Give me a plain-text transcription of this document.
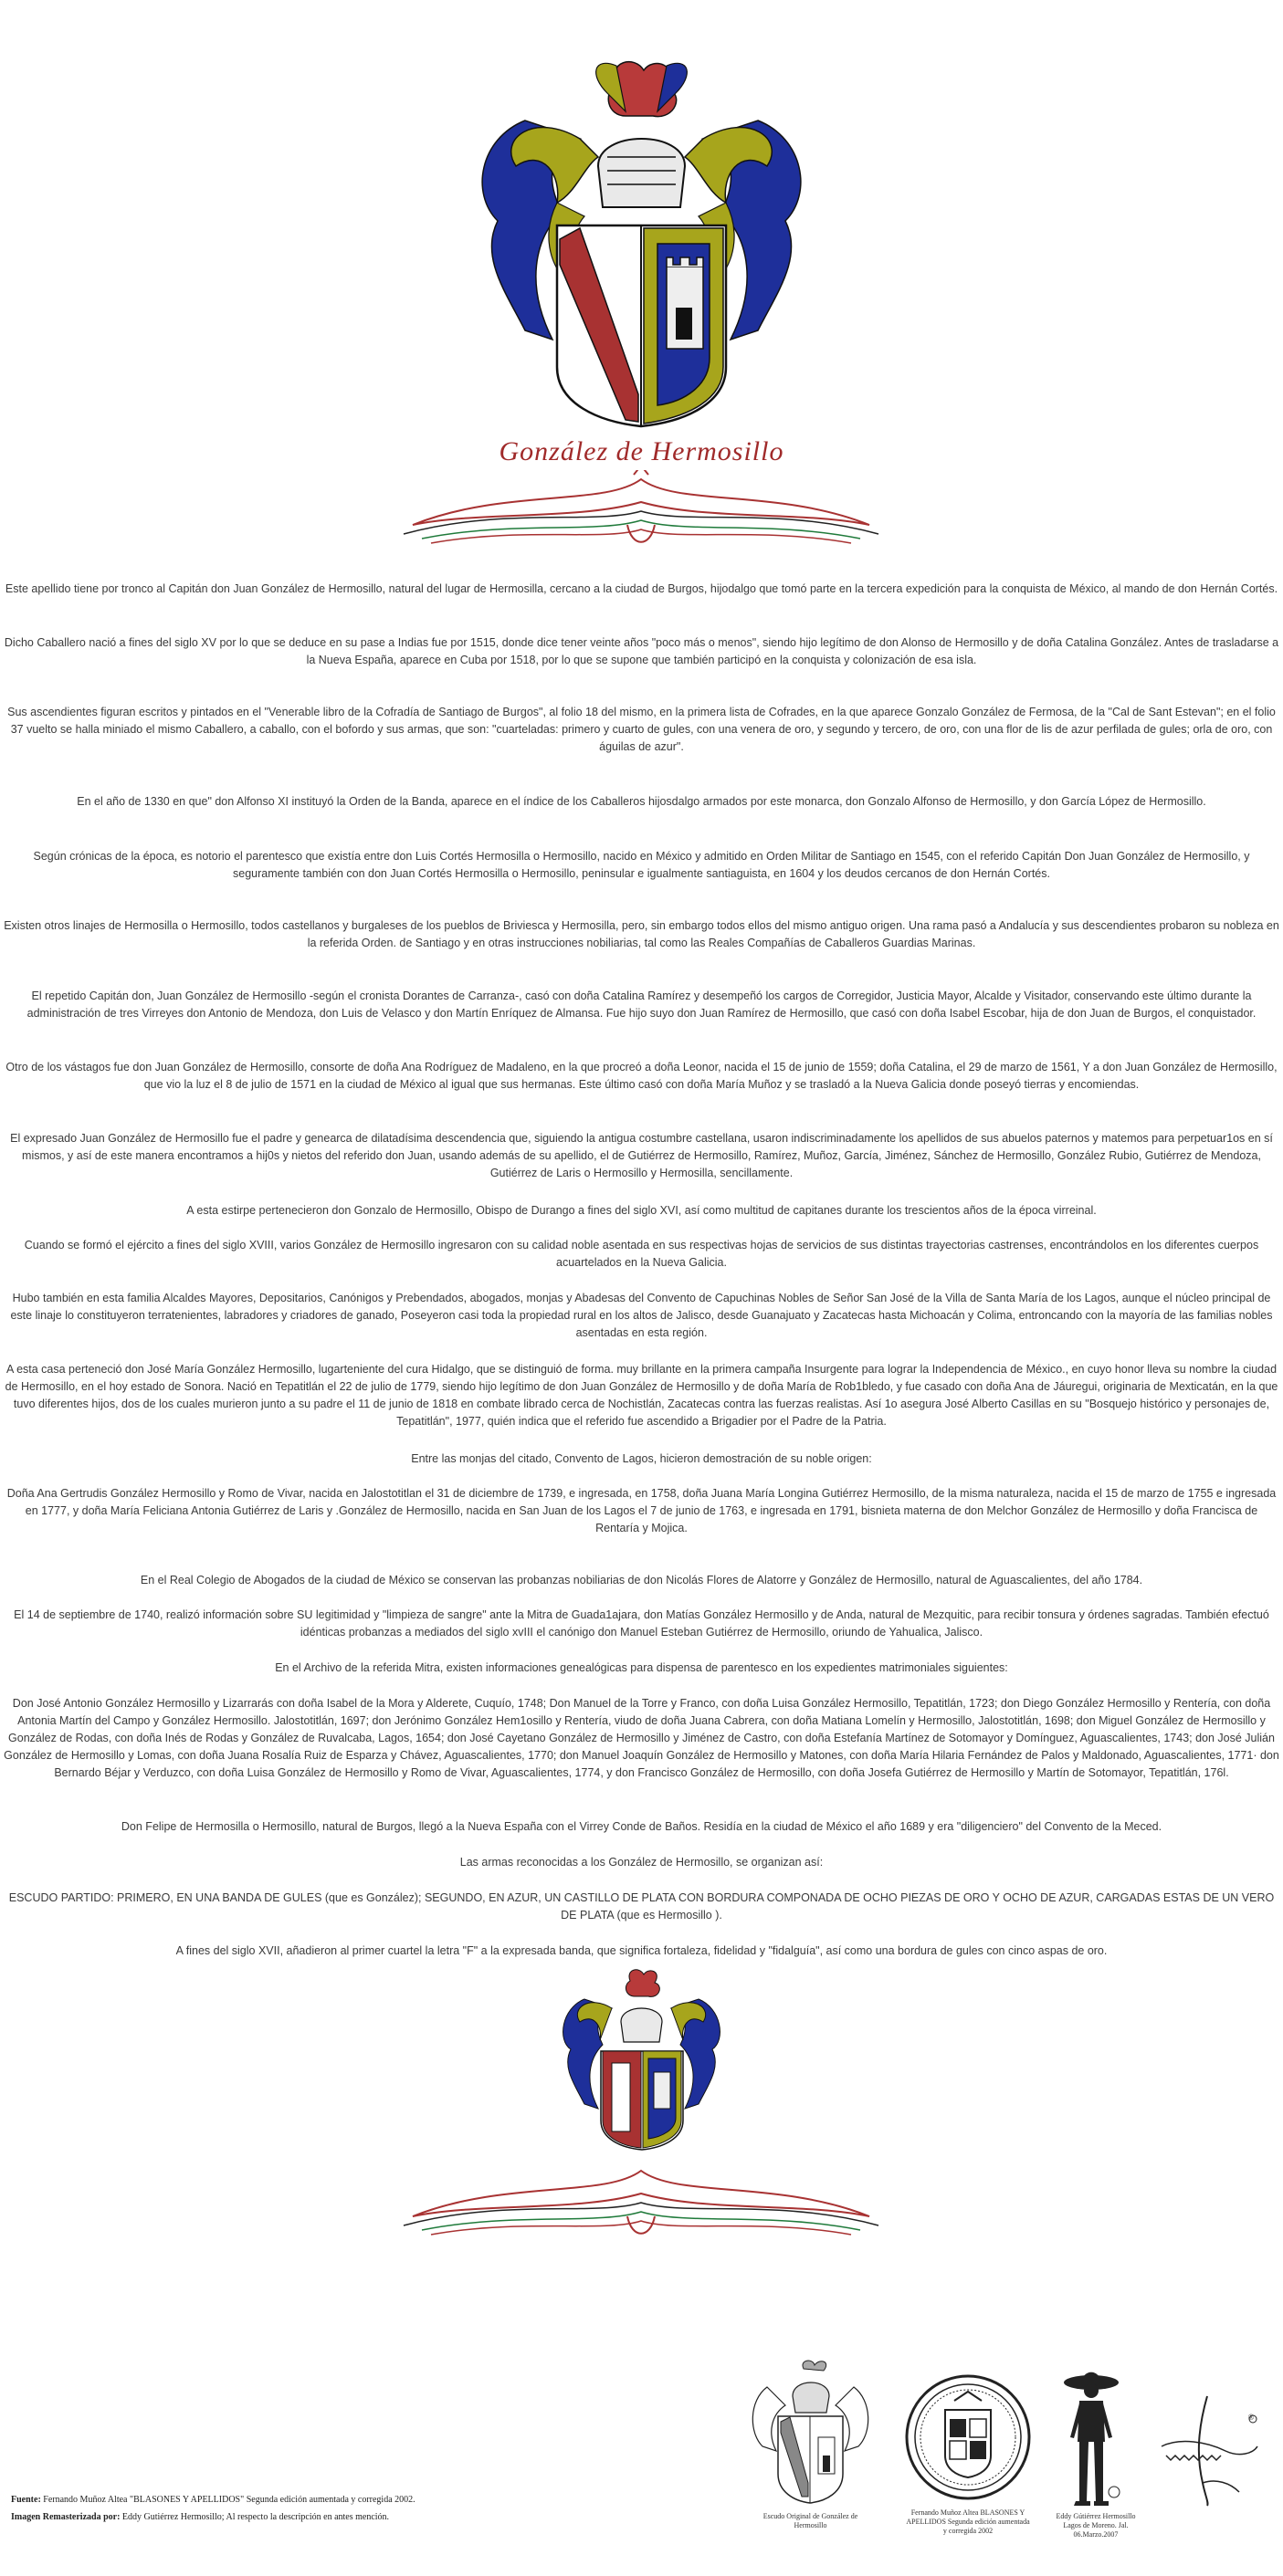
González de Hermosillo

Este apellido tiene por tronco al Capitán don Juan González de Hermosillo, natural del lugar de Hermosilla, cercano a la ciudad de Burgos, hijodalgo que tomó parte en la tercera expedición para la conquista de México, al mando de don Hernán Cortés.

Dicho Caballero nació a fines del siglo XV por lo que se deduce en su pase a Indias fue por 1515, donde dice tener veinte años "poco más o menos", siendo hijo legítimo de don Alonso de Hermosillo y de doña Catalina González. Antes de trasladarse a la Nueva España, aparece en Cuba por 1518, por lo que se supone que también participó en la conquista y colonización de esa isla.

Sus ascendientes figuran escritos y pintados en el "Venerable libro de la Cofradía de Santiago de Burgos", al folio 18 del mismo, en la primera lista de Cofrades, en la que aparece Gonzalo González de Fermosa, de la "Cal de Sant Estevan"; en el folio 37 vuelto se halla miniado el mismo Caballero, a caballo, con el bofordo y sus armas, que son: "cuarteladas: primero y cuarto de gules, con una venera de oro, y segundo y tercero, de oro, con una flor de lis de azur perfilada de gules; orla de oro, con águilas de azur".

En el año de 1330 en que" don Alfonso XI instituyó la Orden de la Banda, aparece en el índice de los Caballeros hijosdalgo armados por este monarca, don Gonzalo Alfonso de Hermosillo, y don García López de Hermosillo.

Según crónicas de la época, es notorio el parentesco que existía entre don Luis Cortés Hermosilla o Hermosillo, nacido en México y admitido en Orden Militar de Santiago en 1545, con el referido Capitán Don Juan González de Hermosillo, y seguramente también con don Juan Cortés Hermosilla o Hermosillo, peninsular e igualmente santiaguista, en 1604 y los deudos cercanos de don Hernán Cortés.

Existen otros linajes de Hermosilla o Hermosillo, todos castellanos y burgaleses de los pueblos de Briviesca y Hermosilla, pero, sin embargo todos ellos del mismo antiguo origen. Una rama pasó a Andalucía y sus descendientes probaron su nobleza en la referida Orden. de Santiago y en otras instrucciones nobiliarias, tal como las Reales Compañías de Caballeros Guardias Marinas.

El repetido Capitán don, Juan González de Hermosillo -según el cronista Dorantes de Carranza-, casó con doña Catalina Ramírez y desempeñó los cargos de Corregidor, Justicia Mayor, Alcalde y Visitador, conservando este último durante la administración de tres Virreyes don Antonio de Mendoza, don Luis de Velasco y don Martín Enríquez de Almansa. Fue hijo suyo don Juan Ramírez de Hermosillo, que casó con doña Isabel Escobar, hija de don Juan de Burgos, el conquistador.

Otro de los vástagos fue don Juan González de Hermosillo, consorte de doña Ana Rodríguez de Madaleno, en la que procreó a doña Leonor, nacida el 15 de junio de 1559; doña Catalina, el 29 de marzo de 1561, Y a don Juan González de Hermosillo, que vio la luz el 8 de julio de 1571 en la ciudad de México al igual que sus hermanas. Este último casó con doña María Muñoz y se trasladó a la Nueva Galicia donde poseyó tierras y encomiendas.

El expresado Juan González de Hermosillo fue el padre y genearca de dilatadísima descendencia que, siguiendo la antigua costumbre castellana, usaron indiscriminadamente los apellidos de sus abuelos paternos y matemos para perpetuar1os en sí mismos, y así de este manera encontramos a hij0s y nietos del referido don Juan, usando además de su apellido, el de Gutiérrez de Hermosillo, Ramírez, Muñoz, García, Jiménez, Sánchez de Hermosillo, González Rubio, Gutiérrez de Mendoza, Gutiérrez de Laris o Hermosillo y Hermosilla, sencillamente.

A esta estirpe pertenecieron don Gonzalo de Hermosillo, Obispo de Durango a fines del siglo XVI, así como multitud de capitanes durante los trescientos años de la época virreinal.

Cuando se formó el ejército a fines del siglo XVIII, varios González de Hermosillo ingresaron con su calidad noble asentada en sus respectivas hojas de servicios de sus distintas trayectorias castrenses, encontrándolos en los diferentes cuerpos acuartelados en la Nueva Galicia.

Hubo también en esta familia Alcaldes Mayores, Depositarios, Canónigos y Prebendados, abogados, monjas y Abadesas del Convento de Capuchinas Nobles de Señor San José de la Villa de Santa María de los Lagos, aunque el núcleo principal de este linaje lo constituyeron terratenientes, labradores y criadores de ganado, Poseyeron casi toda la propiedad rural en los altos de Jalisco, desde Guanajuato y Zacatecas hasta Michoacán y Colima, entroncando con la mayoría de las familias nobles asentadas en esta región.

A esta casa perteneció don José María González Hermosillo, lugarteniente del cura Hidalgo, que se distinguió de forma. muy brillante en la primera campaña Insurgente para lograr la Independencia de México., en cuyo honor lleva su nombre la ciudad de Hermosillo, en el hoy estado de Sonora. Nació en Tepatitlán el 22 de julio de 1779, siendo hijo legítimo de don Juan González de Hermosillo y de doña María de Rob1bledo, y fue casado con doña Ana de Jáuregui, originaria de Mexticatán, en la que tuvo diferentes hijos, dos de los cuales murieron junto a su padre el 11 de junio de 1818 en combate librado cerca de Nochistlán, Zacatecas contra las fuerzas realistas. Así 1o asegura José Alberto Casillas en su "Bosquejo histórico y personajes de, Tepatitlán", 1977, quién indica que el referido fue ascendido a Brigadier por el Padre de la Patria.

Entre las monjas del citado, Convento de Lagos, hicieron demostración de su noble origen:

Doña Ana Gertrudis González Hermosillo y Romo de Vivar, nacida en Jalostotitlan el 31 de diciembre de 1739, e ingresada, en 1758, doña Juana María Longina Gutiérrez Hermosillo, de la misma naturaleza, nacida el 15 de marzo de 1755 e ingresada en 1777, y doña María Feliciana Antonia Gutiérrez de Laris y .González de Hermosillo, nacida en San Juan de los Lagos el 7 de junio de 1763, e ingresada en 1791, bisnieta materna de don Melchor González de Hermosillo y doña Francisca de Rentaría y Mojica.

En el Real Colegio de Abogados de la ciudad de México se conservan las probanzas nobiliarias de don Nicolás Flores de Alatorre y González de Hermosillo, natural de Aguascalientes, del año 1784.

El 14 de septiembre de 1740, realizó información sobre SU legitimidad y "limpieza de sangre" ante la Mitra de Guada1ajara, don Matías González Hermosillo y de Anda, natural de Mezquitic, para recibir tonsura y órdenes sagradas. También efectuó idénticas probanzas a mediados del siglo xvIII el canónigo don Manuel Esteban Gutiérrez de Hermosillo, oriundo de Yahualica, Jalisco.

En el Archivo de la referida Mitra, existen informaciones genealógicas para dispensa de parentesco en los expedientes matrimoniales siguientes:

Don José Antonio González Hermosillo y Lizarrarás con doña Isabel de la Mora y Alderete, Cuquío, 1748; Don Manuel de la Torre y Franco, con doña Luisa González Hermosillo, Tepatitlán, 1723; don Diego González Hermosillo y Rentería, con doña Antonia Martín del Campo y González Hermosillo. Jalostotitlán, 1697; don Jerónimo González Hem1osillo y Rentería, viudo de doña Juana Cabrera, con doña Matiana Lomelín y Hermosillo, Jalostotitlán, 1698; don Miguel González de Hermosillo y González de Rodas, con doña Inés de Rodas y González de Ruvalcaba, Lagos, 1654; don José Cayetano González de Hermosillo y Jiménez de Castro, con doña Estefanía Martínez de Sotomayor y Domínguez, Aguascalientes, 1743; don José Julián González de Hermosillo y Lomas, con doña Juana Rosalía Ruiz de Esparza y Chávez, Aguascalientes, 1770; don Manuel Joaquín González de Hermosillo y Matones, con doña María Hilaria Fernández de Palos y Maldonado, Aguascalientes, 1771· don Bernardo Béjar y Verduzco, con doña Luisa González de Hermosillo y Romo de Vivar, Aguascalientes, 1774, y don Francisco González de Hermosillo, con doña Josefa Gutiérrez de Hermosillo y Martín de Sotomayor, Tepatitlán, 176l.

Don Felipe de Hermosilla o Hermosillo, natural de Burgos, llegó a la Nueva España con el Virrey Conde de Baños. Residía en la ciudad de México el año 1689 y era "diligenciero" del Convento de la Meced.

Las armas reconocidas a los González de Hermosillo, se organizan así:

ESCUDO PARTIDO: PRIMERO, EN UNA BANDA DE GULES (que es González); SEGUNDO, EN AZUR, UN CASTILLO DE PLATA CON BORDURA COMPONADA DE OCHO PIEZAS DE ORO Y OCHO DE AZUR, CARGADAS ESTAS DE UN VERO DE PLATA (que es Hermosillo ).

A fines del siglo XVII, añadieron al primer cuartel la letra "F" a la expresada banda, que significa fortaleza, fidelidad y "fidalguía", así como una bordura de gules con cinco aspas de oro.

Escudo Original de González de Hermosillo
Fernando Muñoz Altea BLASONES Y APELLIDOS Segunda edición aumentada y corregida 2002
Eddy Gútiérrez Hermosillo Lagos de Moreno. Jal. 06.Marzo.2007
®
Fuente: Fernando Muñoz Altea "BLASONES Y APELLIDOS" Segunda edición aumentada y corregida 2002.
Imagen Remasterizada por: Eddy Gutiérrez Hermosillo; Al respecto la descripción en antes mención.
